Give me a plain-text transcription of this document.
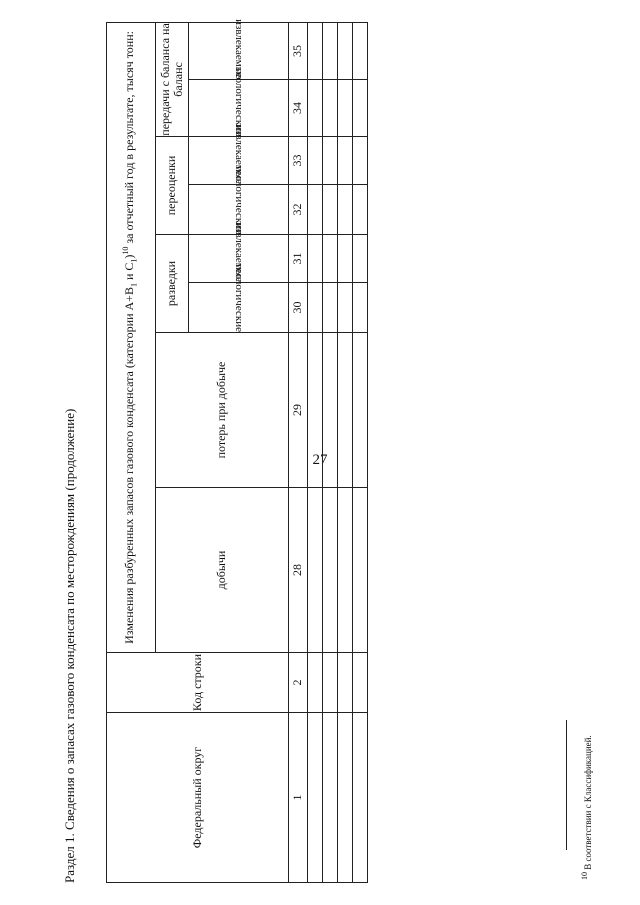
27
Раздел 1. Сведения о запасах газового конденсата по месторождениям (продолжение)	Федеральный округ	Код строки	Изменения разбуренных запасов газового конденсата (категории $А+В_1$ и $С_1)^{10}$ за отчетный год в результате, тысяч тонн:							
		добычи	потерь при добыче	разведки		переоценки		передачи с баланса на баланс	
				геологические	извлекаемые	геологические	извлекаемые	геологические	извлекаемые
1	2	28	29	30	31	32	33	34	35

$^{10}$ В соответствии с Классификацией.
